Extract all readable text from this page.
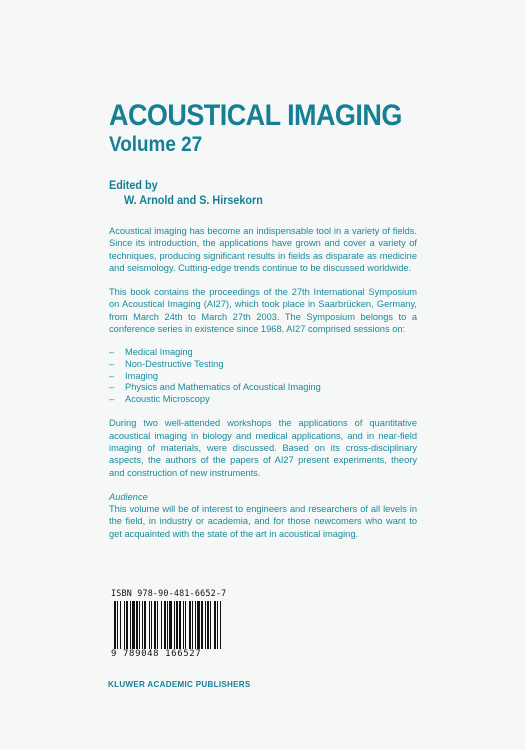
ACOUSTICAL IMAGING
Volume 27
Edited by
W. Arnold and S. Hirsekorn

Acoustical imaging has become an indispensable tool in a variety of fields. Since its introduction, the applications have grown and cover a variety of techniques, producing significant results in fields as disparate as medicine and seismology. Cutting-edge trends continue to be discussed worldwide.

This book contains the proceedings of the 27th International Symposium on Acoustical Imaging (AI27), which took place in Saarbrücken, Germany, from March 24th to March 27th 2003. The Symposium belongs to a conference series in existence since 1968. AI27 comprised sessions on:

– Medical Imaging
– Non-Destructive Testing
– Imaging
– Physics and Mathematics of Acoustical Imaging
– Acoustic Microscopy

During two well-attended workshops the applications of quantitative acoustical imaging in biology and medical applications, and in near-field imaging of materials, were discussed. Based on its cross-disciplinary aspects, the authors of the papers of AI27 present experiments, theory and construction of new instruments.

Audience
This volume will be of interest to engineers and researchers of all levels in the field, in industry or academia, and for those newcomers who want to get acquainted with the state of the art in acoustical imaging.

ISBN 978-90-481-6652-7
9 789048 166527
KLUWER ACADEMIC PUBLISHERS
